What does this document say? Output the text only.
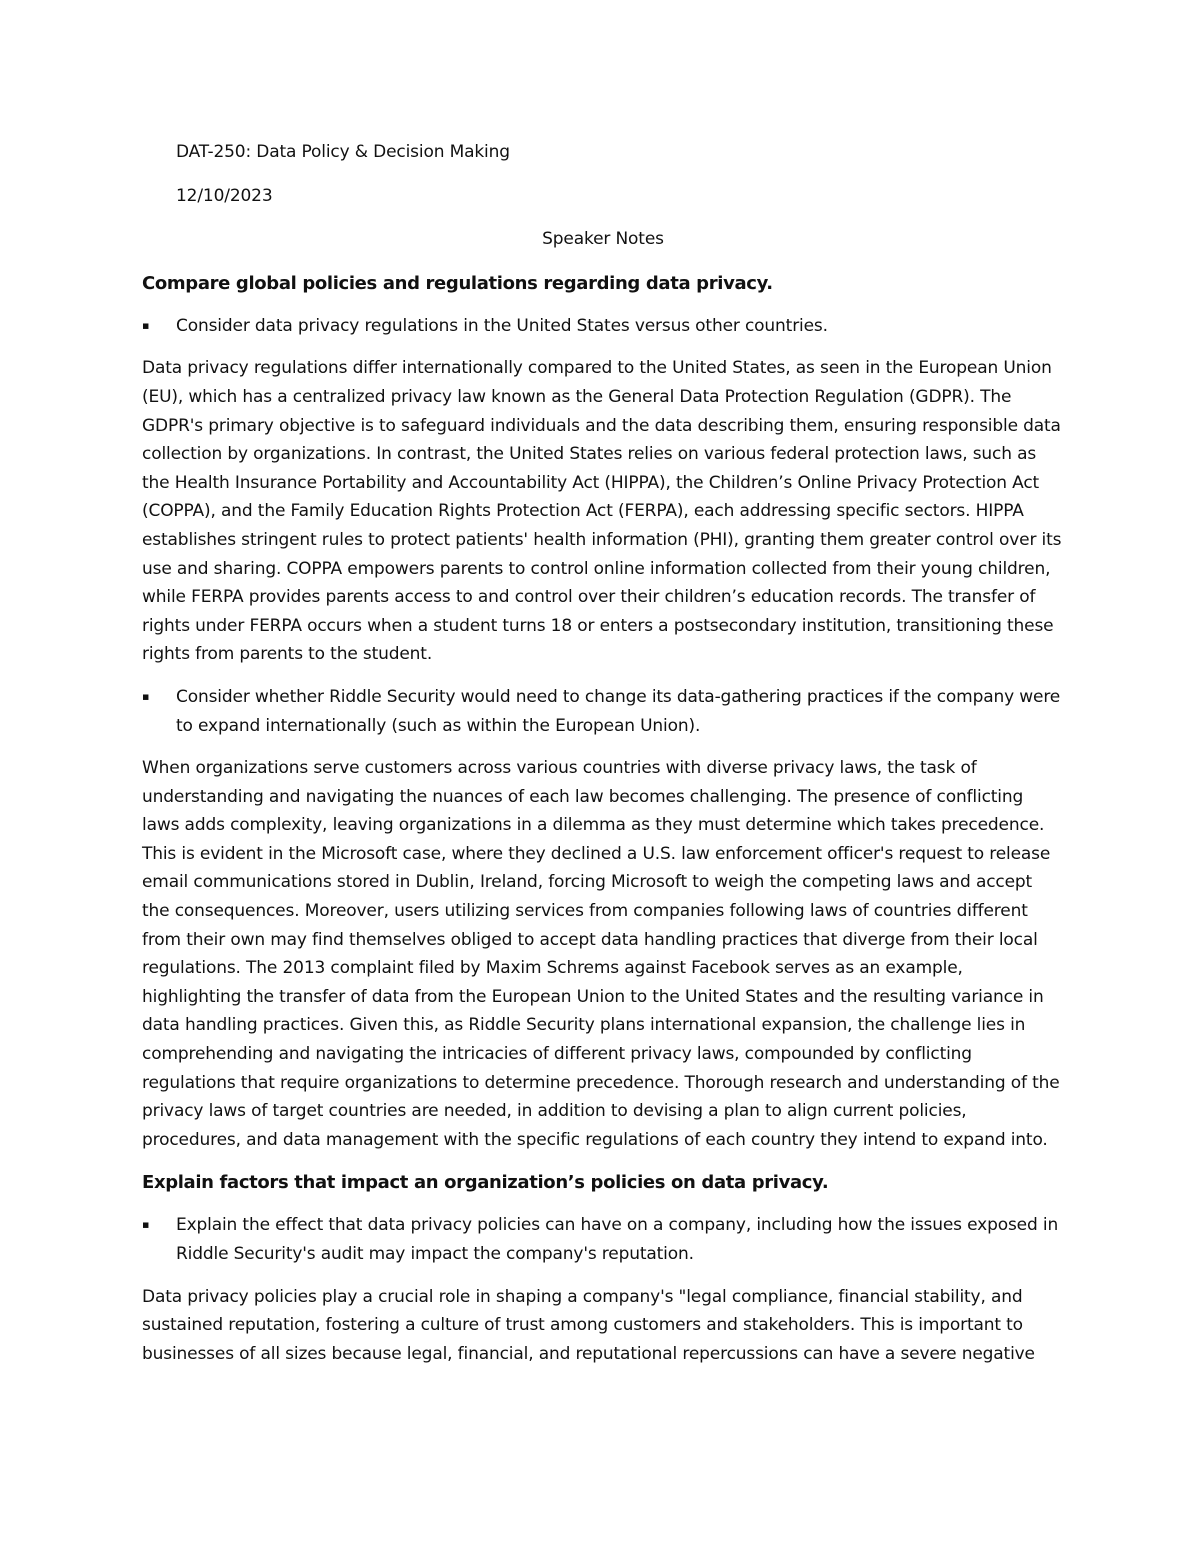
DAT-250: Data Policy & Decision Making
12/10/2023
Speaker Notes
Compare global policies and regulations regarding data privacy.
▪ Consider data privacy regulations in the United States versus other countries.
Data privacy regulations differ internationally compared to the United States, as seen in the European Union (EU), which has a centralized privacy law known as the General Data Protection Regulation (GDPR). The GDPR's primary objective is to safeguard individuals and the data describing them, ensuring responsible data collection by organizations. In contrast, the United States relies on various federal protection laws, such as the Health Insurance Portability and Accountability Act (HIPPA), the Children’s Online Privacy Protection Act (COPPA), and the Family Education Rights Protection Act (FERPA), each addressing specific sectors. HIPPA establishes stringent rules to protect patients' health information (PHI), granting them greater control over its use and sharing. COPPA empowers parents to control online information collected from their young children, while FERPA provides parents access to and control over their children’s education records. The transfer of rights under FERPA occurs when a student turns 18 or enters a postsecondary institution, transitioning these rights from parents to the student.
▪ Consider whether Riddle Security would need to change its data-gathering practices if the company were to expand internationally (such as within the European Union).
When organizations serve customers across various countries with diverse privacy laws, the task of understanding and navigating the nuances of each law becomes challenging. The presence of conflicting laws adds complexity, leaving organizations in a dilemma as they must determine which takes precedence. This is evident in the Microsoft case, where they declined a U.S. law enforcement officer's request to release email communications stored in Dublin, Ireland, forcing Microsoft to weigh the competing laws and accept the consequences. Moreover, users utilizing services from companies following laws of countries different from their own may find themselves obliged to accept data handling practices that diverge from their local regulations. The 2013 complaint filed by Maxim Schrems against Facebook serves as an example, highlighting the transfer of data from the European Union to the United States and the resulting variance in data handling practices. Given this, as Riddle Security plans international expansion, the challenge lies in comprehending and navigating the intricacies of different privacy laws, compounded by conflicting regulations that require organizations to determine precedence. Thorough research and understanding of the privacy laws of target countries are needed, in addition to devising a plan to align current policies, procedures, and data management with the specific regulations of each country they intend to expand into.
Explain factors that impact an organization’s policies on data privacy.
▪ Explain the effect that data privacy policies can have on a company, including how the issues exposed in Riddle Security's audit may impact the company's reputation.
Data privacy policies play a crucial role in shaping a company's "legal compliance, financial stability, and sustained reputation, fostering a culture of trust among customers and stakeholders. This is important to businesses of all sizes because legal, financial, and reputational repercussions can have a severe negative
